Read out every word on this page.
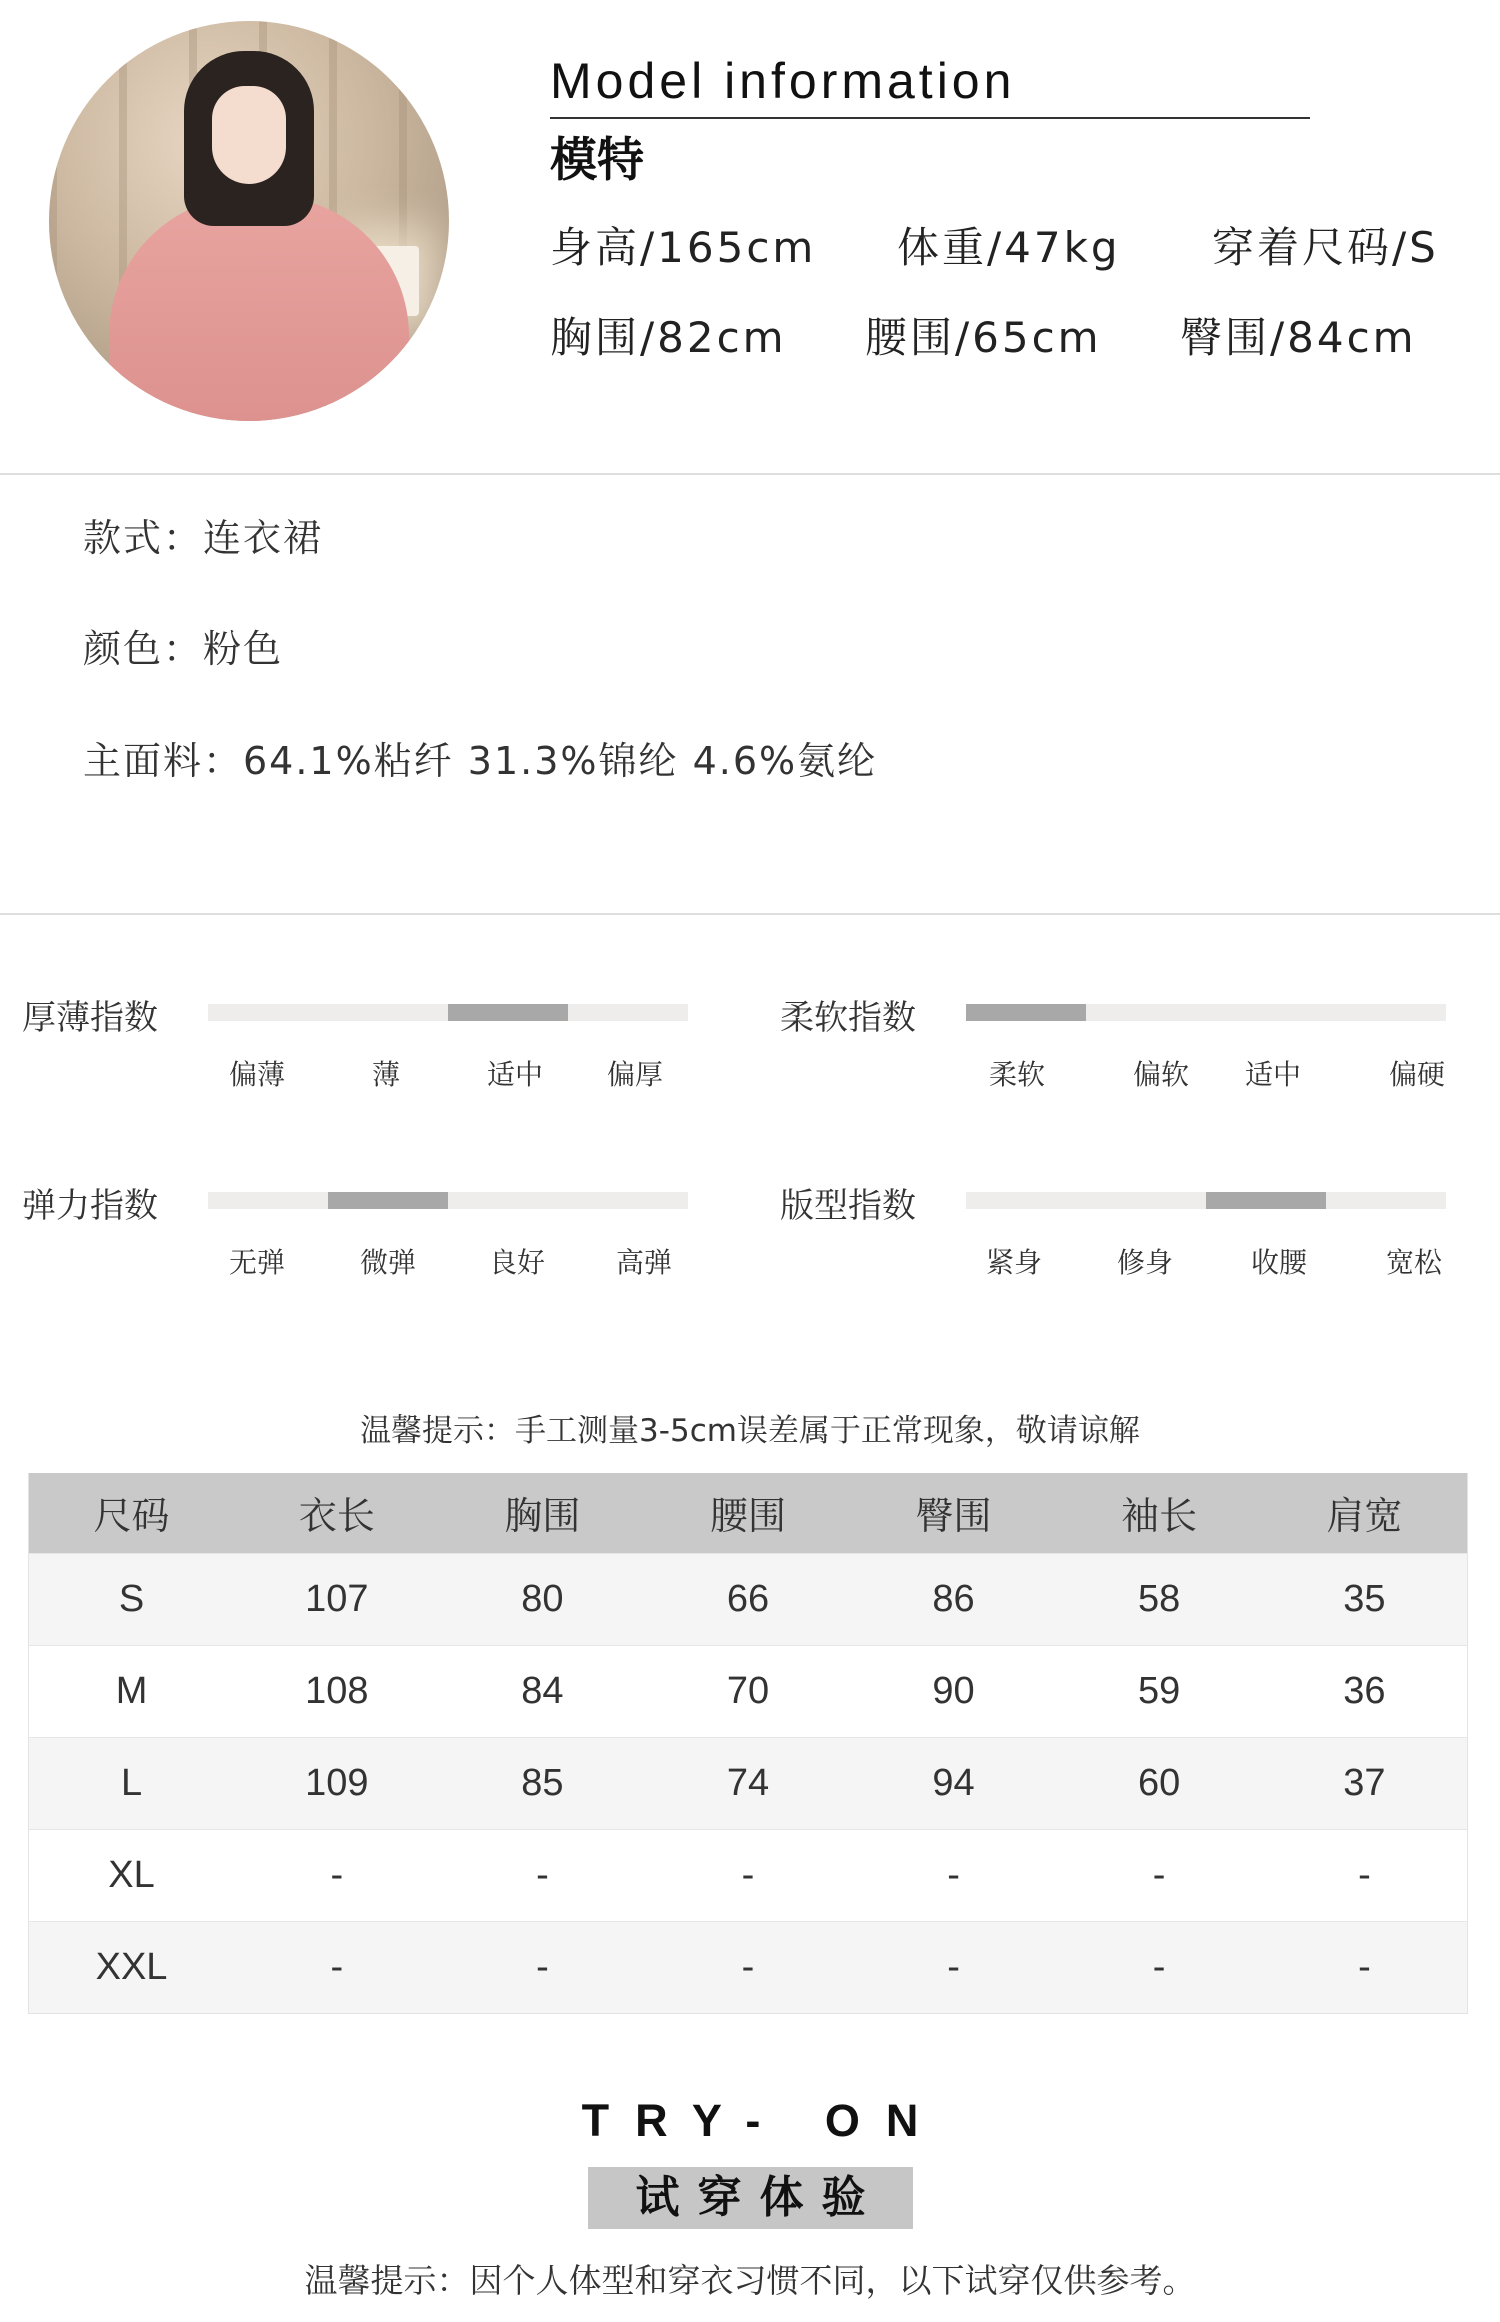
Model information
模特
身高/165cm 体重/47kg 穿着尺码/S
胸围/82cm 腰围/65cm 臀围/84cm
款式：连衣裙
颜色：粉色
主面料：64.1%粘纤 31.3%锦纶 4.6%氨纶
厚薄指数
偏薄	薄	适中 偏厚
柔软指数
柔软	偏软 适中	偏硬
弹力指数
无弹	微弹	良好	高弹
版型指数
紧身	修身	收腰	宽松
温馨提示：手工测量3-5cm误差属于正常现象，敬请谅解
尺码	衣长	胸围	腰围	臀围	袖长	肩宽
S	107	80	66	86	58	35
M	108	84	70	90	59	36
L	109	85	74	94	60	37
XL	-	-	-	-	-	-
XXL	-	-	-	-	-	-
TRY- ON
试穿体验
温馨提示：因个人体型和穿衣习惯不同，以下试穿仅供参考。
